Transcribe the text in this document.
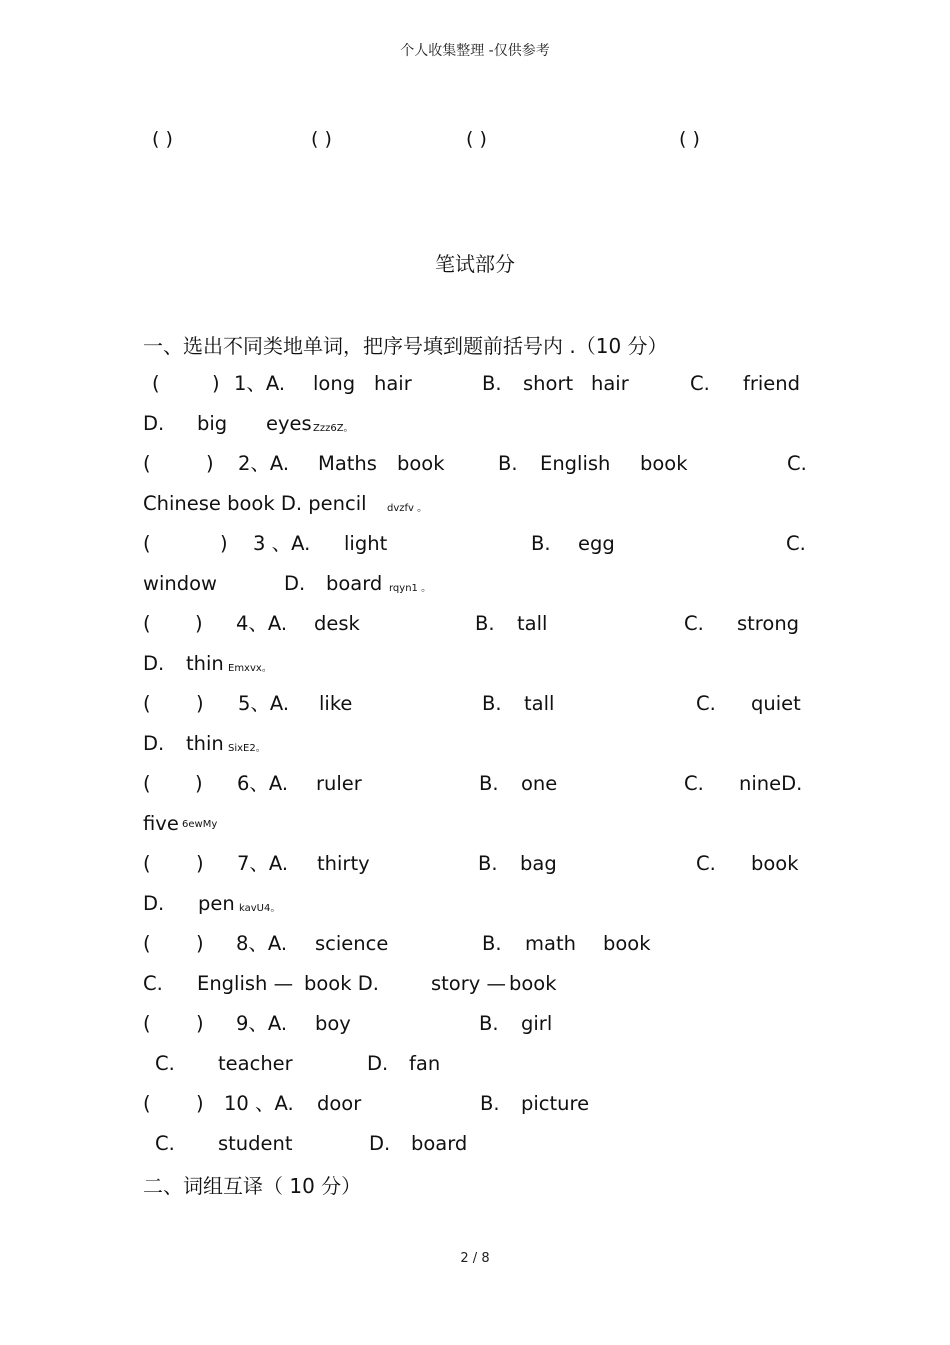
个人收集整理 -仅供参考
( )	( )	( )	( )
笔试部分
一、选出不同类地单词，把序号填到题前括号内 .（10 分）
(	) 1、A. long hair	B. short hair	C. friend
D. big eyes
(	) 2、A. Maths book	B. English book	C.
Chinese book D. pencil
(	) 3 、A. light	B. egg	C.
window	D. board
( ) 4、A. desk	B. tall	C. strong
D. thin
( ) 5、A. like	B. tall	C. quiet
D. thin
( ) 6、A. ruler	B. one	C. nineD.
five
( ) 7、A. thirty	B. bag	C. book
D. pen
( ) 8、A. science	B. math book
C. English — book D.	story — book
( ) 9、A. boy	B. girl
C. teacher	D. fan
( ) 10 、A. door	B. picture
C. student	D. board
Zzz6Z。
dvzfv 。
rqyn1 。
Emxvx。
SixE2。
6ewMy
kavU4。
二、词组互译（ 10 分）
2 / 8
